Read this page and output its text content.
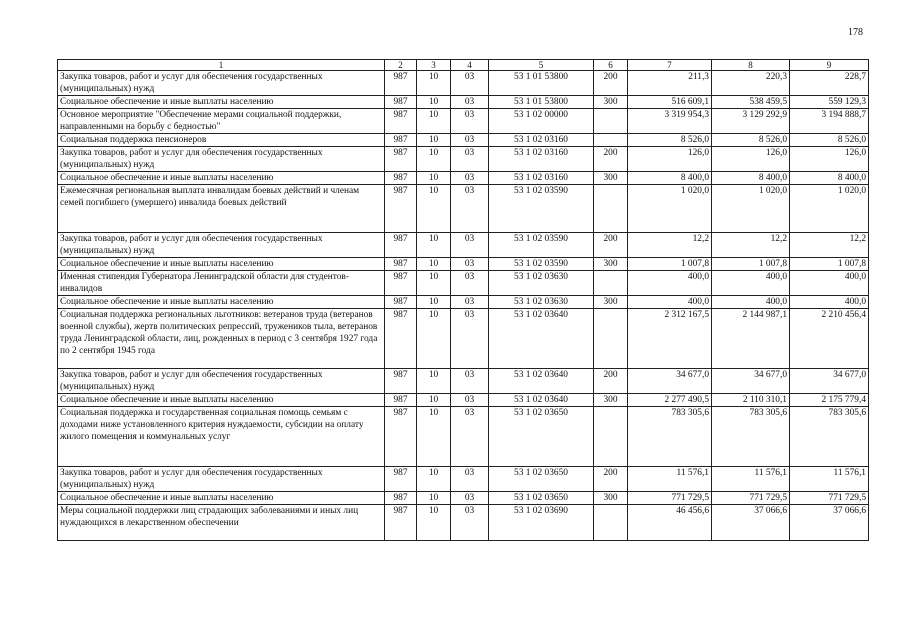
178
1	2	3	4	5	6	7	8	9
Закупка товаров, работ и услуг для обеспечения государственных (муниципальных) нужд	987	10	03	53 1 01 53800	200	211,3	220,3	228,7
Социальное обеспечение и иные выплаты населению	987	10	03	53 1 01 53800	300	516 609,1	538 459,5	559 129,3
Основное мероприятие "Обеспечение мерами социальной поддержки, направленными на борьбу с бедностью"	987	10	03	53 1 02 00000		3 319 954,3	3 129 292,9	3 194 888,7
Социальная поддержка пенсионеров	987	10	03	53 1 02 03160		8 526,0	8 526,0	8 526,0
Закупка товаров, работ и услуг для обеспечения государственных (муниципальных) нужд	987	10	03	53 1 02 03160	200	126,0	126,0	126,0
Социальное обеспечение и иные выплаты населению	987	10	03	53 1 02 03160	300	8 400,0	8 400,0	8 400,0
Ежемесячная региональная выплата инвалидам боевых действий и членам семей погибшего (умершего) инвалида боевых действий	987	10	03	53 1 02 03590		1 020,0	1 020,0	1 020,0
Закупка товаров, работ и услуг для обеспечения государственных (муниципальных) нужд	987	10	03	53 1 02 03590	200	12,2	12,2	12,2
Социальное обеспечение и иные выплаты населению	987	10	03	53 1 02 03590	300	1 007,8	1 007,8	1 007,8
Именная стипендия Губернатора Ленинградской области для студентов-инвалидов	987	10	03	53 1 02 03630		400,0	400,0	400,0
Социальное обеспечение и иные выплаты населению	987	10	03	53 1 02 03630	300	400,0	400,0	400,0
Социальная поддержка региональных льготников: ветеранов труда (ветеранов военной службы), жертв политических репрессий, тружеников тыла, ветеранов труда Ленинградской области, лиц, рожденных в период с 3 сентября 1927 года по 2 сентября 1945 года	987	10	03	53 1 02 03640		2 312 167,5	2 144 987,1	2 210 456,4
Закупка товаров, работ и услуг для обеспечения государственных (муниципальных) нужд	987	10	03	53 1 02 03640	200	34 677,0	34 677,0	34 677,0
Социальное обеспечение и иные выплаты населению	987	10	03	53 1 02 03640	300	2 277 490,5	2 110 310,1	2 175 779,4
Социальная поддержка и государственная социальная помощь семьям с доходами ниже установленного критерия нуждаемости, субсидии на оплату жилого помещения и коммунальных услуг	987	10	03	53 1 02 03650		783 305,6	783 305,6	783 305,6
Закупка товаров, работ и услуг для обеспечения государственных (муниципальных) нужд	987	10	03	53 1 02 03650	200	11 576,1	11 576,1	11 576,1
Социальное обеспечение и иные выплаты населению	987	10	03	53 1 02 03650	300	771 729,5	771 729,5	771 729,5
Меры социальной поддержки лиц страдающих заболеваниями и иных лиц нуждающихся в лекарственном обеспечении	987	10	03	53 1 02 03690		46 456,6	37 066,6	37 066,6
